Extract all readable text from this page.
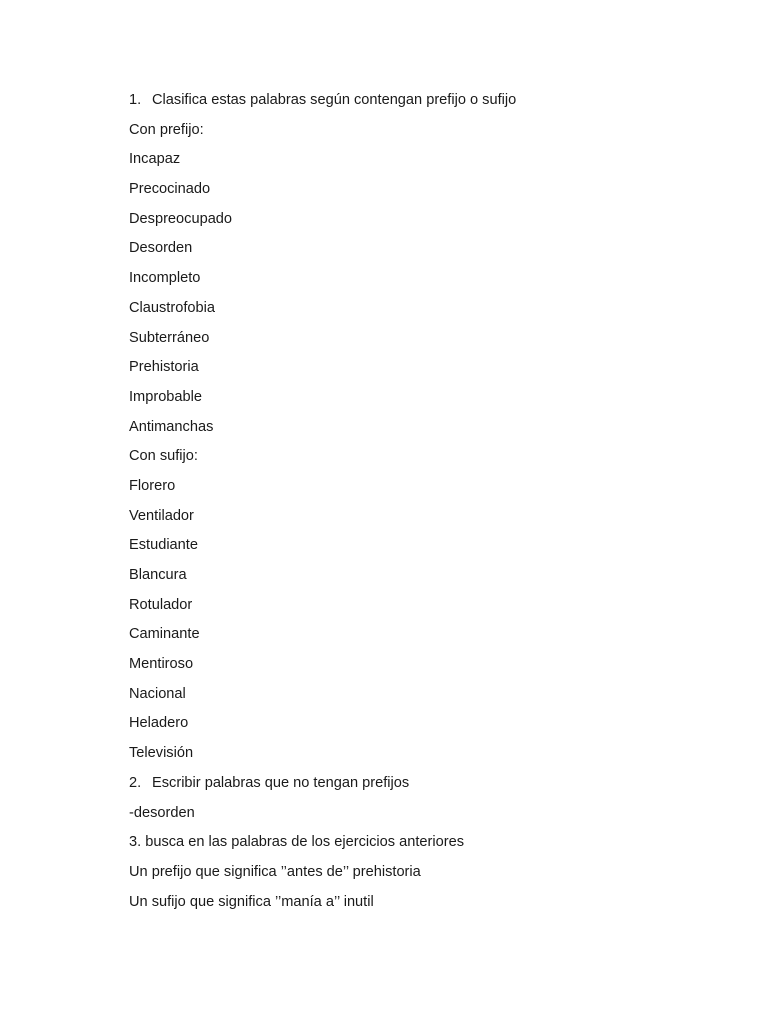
1. Clasifica estas palabras según contengan prefijo o sufijo
Con prefijo:
Incapaz
Precocinado
Despreocupado
Desorden
Incompleto
Claustrofobia
Subterráneo
Prehistoria
Improbable
Antimanchas
Con sufijo:
Florero
Ventilador
Estudiante
Blancura
Rotulador
Caminante
Mentiroso
Nacional
Heladero
Televisión
2. Escribir palabras que no tengan prefijos
-desorden
3. busca en las palabras de los ejercicios anteriores
Un prefijo que significa ’’antes de’’ prehistoria
Un sufijo que significa ’’manía a’’ inutil
